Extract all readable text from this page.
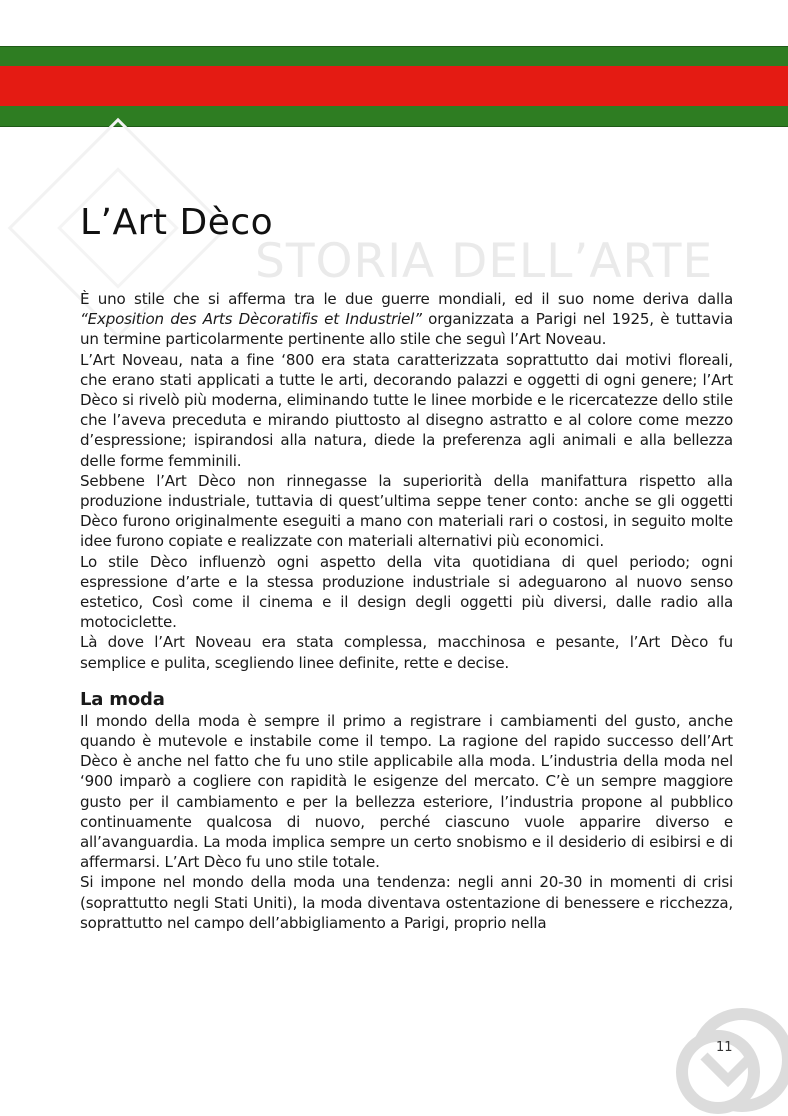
L’Art Dèco
STORIA DELL’ARTE

È uno stile che si afferma tra le due guerre mondiali, ed il suo nome deriva dalla “Exposition des Arts Dècoratifis et Industriel” organizzata a Parigi nel 1925, è tuttavia un termine particolarmente pertinente allo stile che seguì l’Art Noveau.

L’Art Noveau, nata a fine ‘800 era stata caratterizzata soprattutto dai motivi floreali, che erano stati applicati a tutte le arti, decorando palazzi e oggetti di ogni genere; l’Art Dèco si rivelò più moderna, eliminando tutte le linee morbide e le ricercatezze dello stile che l’aveva preceduta e mirando piuttosto al disegno astratto e al colore come mezzo d’espressione; ispirandosi alla natura, diede la preferenza agli animali e alla bellezza delle forme femminili.

Sebbene l’Art Dèco non rinnegasse la superiorità della manifattura rispetto alla produzione industriale, tuttavia di quest’ultima seppe tener conto: anche se gli oggetti Dèco furono originalmente eseguiti a mano con materiali rari o costosi, in seguito molte idee furono copiate e realizzate con materiali alternativi più economici.

Lo stile Dèco influenzò ogni aspetto della vita quotidiana di quel periodo; ogni espressione d’arte e la stessa produzione industriale si adeguarono al nuovo senso estetico, Così come il cinema e il design degli oggetti più diversi, dalle radio alla motociclette.

Là dove l’Art Noveau era stata complessa, macchinosa e pesante, l’Art Dèco fu semplice e pulita, scegliendo linee definite, rette e decise.

La moda

Il mondo della moda è sempre il primo a registrare i cambiamenti del gusto, anche quando è mutevole e instabile come il tempo. La ragione del rapido successo dell’Art Dèco è anche nel fatto che fu uno stile applicabile alla moda. L’industria della moda nel ‘900 imparò a cogliere con rapidità le esigenze del mercato. C’è un sempre maggiore gusto per il cambiamento e per la bellezza esteriore, l’industria propone al pubblico continuamente qualcosa di nuovo, perché ciascuno vuole apparire diverso e all’avanguardia. La moda implica sempre un certo snobismo e il desiderio di esibirsi e di affermarsi. L’Art Dèco fu uno stile totale.

Si impone nel mondo della moda una tendenza: negli anni 20-30 in momenti di crisi (soprattutto negli Stati Uniti), la moda diventava ostentazione di benessere e ricchezza, soprattutto nel campo dell’abbigliamento a Parigi, proprio nella

11
